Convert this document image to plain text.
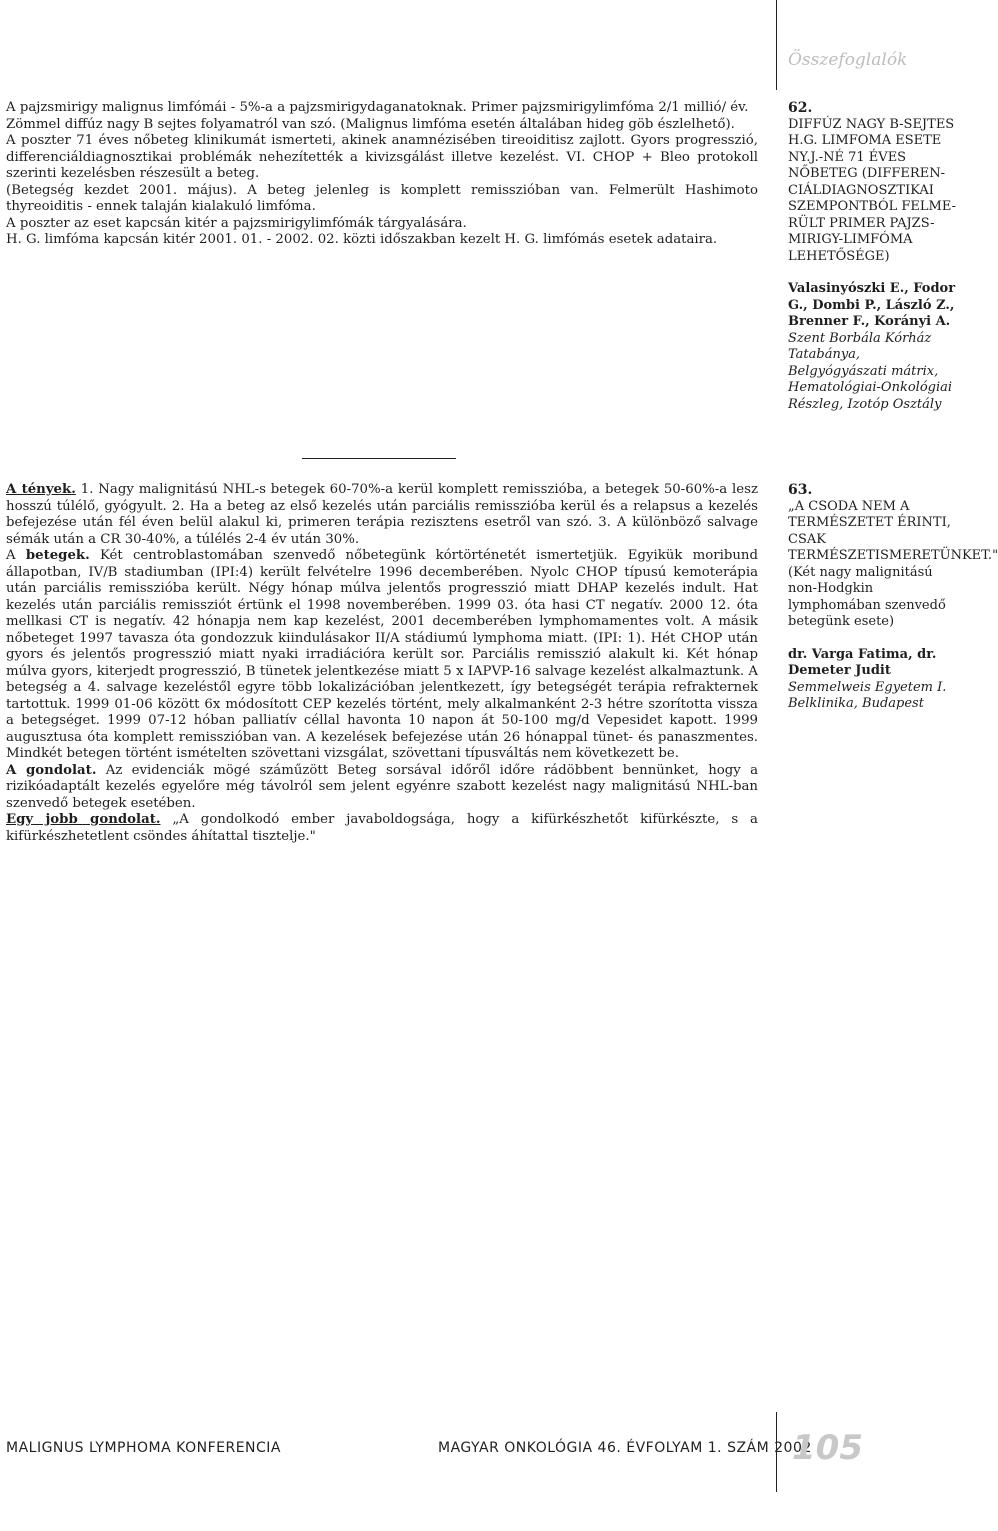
Összefoglalók

A pajzsmirigy malignus limfómái - 5%-a a pajzsmirigydaganatoknak. Primer pajzsmirigylimfóma 2/1 millió/ év.

Zömmel diffúz nagy B sejtes folyamatról van szó. (Malignus limfóma esetén általában hideg göb észlelhető).

A poszter 71 éves nőbeteg klinikumát ismerteti, akinek anamnézisében tireoiditisz zajlott. Gyors progresszió, differenciáldiagnosztikai problémák nehezítették a kivizsgálást illetve kezelést. VI. CHOP + Bleo protokoll szerinti kezelésben részesült a beteg.

(Betegség kezdet 2001. május). A beteg jelenleg is komplett remisszióban van. Felmerült Hashimoto thyreoiditis - ennek talaján kialakuló limfóma.

A poszter az eset kapcsán kitér a pajzsmirigylimfómák tárgyalására.

H. G. limfóma kapcsán kitér 2001. 01. - 2002. 02. közti időszakban kezelt H. G. limfómás esetek adataira.

62.
DIFFÚZ NAGY B-SEJTES H.G. LIMFOMA ESETE NY.J.-NÉ 71 ÉVES NŐBETEG (DIFFEREN-CIÁLDIAGNOSZTIKAI SZEMPONTBÓL FELME-RÜLT PRIMER PAJZS-MIRIGY-LIMFÓMA LEHETŐSÉGE)
Valasinyószki E., Fodor G., Dombi P., László Z., Brenner F., Korányi A.
Szent Borbála Kórház Tatabánya, Belgyógyászati mátrix, Hematológiai-Onkológiai Részleg, Izotóp Osztály

A tények. 1. Nagy malignitású NHL-s betegek 60-70%-a kerül komplett remisszióba, a betegek 50-60%-a lesz hosszú túlélő, gyógyult. 2. Ha a beteg az első kezelés után parciális remisszióba kerül és a relapsus a kezelés befejezése után fél éven belül alakul ki, primeren terápia rezisztens esetről van szó. 3. A különböző salvage sémák után a CR 30-40%, a túlélés 2-4 év után 30%.

A betegek. Két centroblastomában szenvedő nőbetegünk kórtörténetét ismertetjük. Egyikük moribund állapotban, IV/B stadiumban (IPI:4) került felvételre 1996 decemberében. Nyolc CHOP típusú kemoterápia után parciális remisszióba került. Négy hónap múlva jelentős progresszió miatt DHAP kezelés indult. Hat kezelés után parciális remissziót értünk el 1998 novemberében. 1999 03. óta hasi CT negatív. 2000 12. óta mellkasi CT is negatív. 42 hónapja nem kap kezelést, 2001 decemberében lymphomamentes volt. A másik nőbeteget 1997 tavasza óta gondozzuk kiindulásakor II/A stádiumú lymphoma miatt. (IPI: 1). Hét CHOP után gyors és jelentős progresszió miatt nyaki irradiációra került sor. Parciális remisszió alakult ki. Két hónap múlva gyors, kiterjedt progresszió, B tünetek jelentkezése miatt 5 x IAPVP-16 salvage kezelést alkalmaztunk. A betegség a 4. salvage kezeléstől egyre több lokalizációban jelentkezett, így betegségét terápia refrakternek tartottuk. 1999 01-06 között 6x módosított CEP kezelés történt, mely alkalmanként 2-3 hétre szorította vissza a betegséget. 1999 07-12 hóban palliatív céllal havonta 10 napon át 50-100 mg/d Vepesidet kapott. 1999 augusztusa óta komplett remisszióban van. A kezelések befejezése után 26 hónappal tünet- és panaszmentes. Mindkét betegen történt ismételten szövettani vizsgálat, szövettani típusváltás nem következett be.

A gondolat. Az evidenciák mögé száműzött Beteg sorsával időről időre rádöbbent bennünket, hogy a rizikóadaptált kezelés egyelőre még távolról sem jelent egyénre szabott kezelést nagy malignitású NHL-ban szenvedő betegek esetében.

Egy jobb gondolat. „A gondolkodó ember javaboldogsága, hogy a kifürkészhetőt kifürkészte, s a kifürkészhetetlent csöndes áhítattal tisztelje."

63.
„A CSODA NEM A TERMÉSZETET ÉRINTI, CSAK TERMÉSZETISMERETÜNKET."
(Két nagy malignitású non-Hodgkin lymphomában szenvedő betegünk esete)
dr. Varga Fatima, dr. Demeter Judit
Semmelweis Egyetem I. Belklinika, Budapest
MALIGNUS LYMPHOMA KONFERENCIA	MAGYAR ONKOLÓGIA 46. ÉVFOLYAM 1. SZÁM 2002
105
